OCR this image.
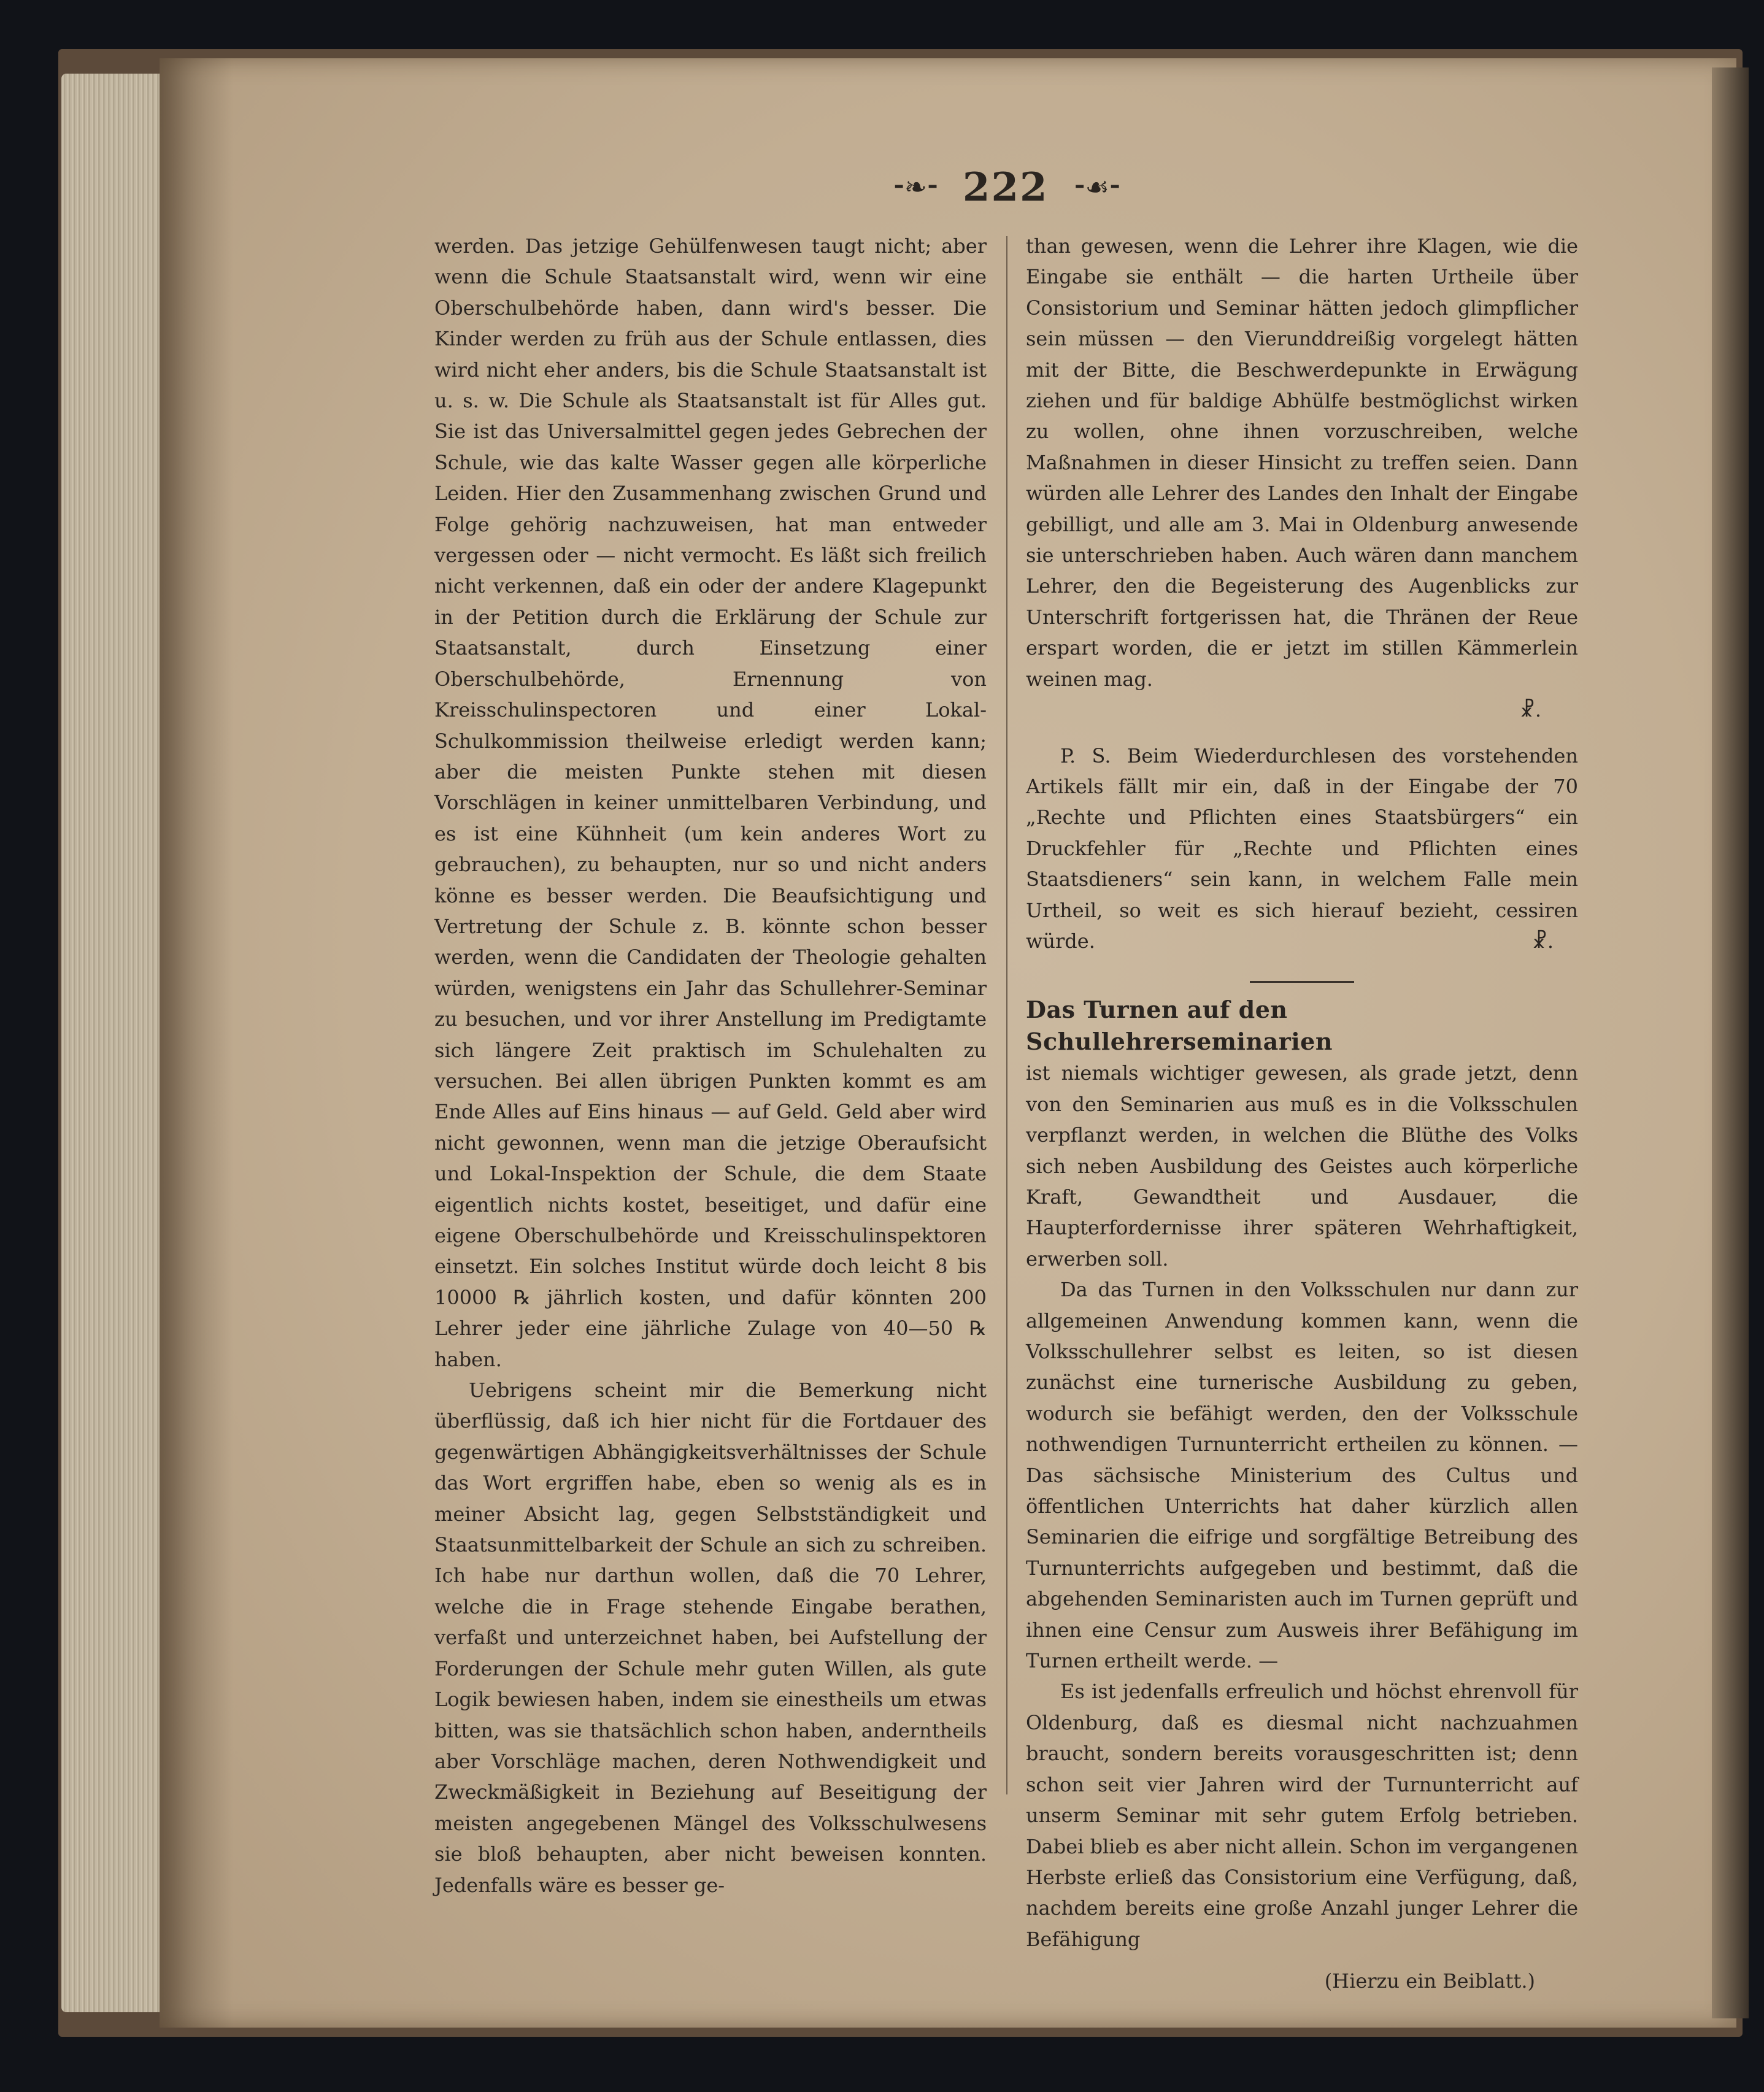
⁃❧⁃ 222 ⁃☙⁃

werden. Das jetzige Gehülfenwesen taugt nicht; aber wenn die Schule Staatsanstalt wird, wenn wir eine Oberschulbehörde haben, dann wird's besser. Die Kinder werden zu früh aus der Schule entlassen, dies wird nicht eher anders, bis die Schule Staatsanstalt ist u. s. w. Die Schule als Staatsanstalt ist für Alles gut. Sie ist das Universalmittel gegen jedes Gebrechen der Schule, wie das kalte Wasser gegen alle körperliche Leiden. Hier den Zusammenhang zwischen Grund und Folge gehörig nachzuweisen, hat man entweder vergessen oder — nicht vermocht. Es läßt sich freilich nicht verkennen, daß ein oder der andere Klagepunkt in der Petition durch die Erklärung der Schule zur Staatsanstalt, durch Einsetzung einer Oberschulbehörde, Ernennung von Kreisschulinspectoren und einer Lokal-Schulkommission theilweise erledigt werden kann; aber die meisten Punkte stehen mit diesen Vorschlägen in keiner unmittelbaren Verbindung, und es ist eine Kühnheit (um kein anderes Wort zu gebrauchen), zu behaupten, nur so und nicht anders könne es besser werden. Die Beaufsichtigung und Vertretung der Schule z. B. könnte schon besser werden, wenn die Candidaten der Theologie gehalten würden, wenigstens ein Jahr das Schullehrer-Seminar zu besuchen, und vor ihrer Anstellung im Predigtamte sich längere Zeit praktisch im Schulehalten zu versuchen. Bei allen übrigen Punkten kommt es am Ende Alles auf Eins hinaus — auf Geld. Geld aber wird nicht gewonnen, wenn man die jetzige Oberaufsicht und Lokal-Inspektion der Schule, die dem Staate eigentlich nichts kostet, beseitiget, und dafür eine eigene Oberschulbehörde und Kreisschulinspektoren einsetzt. Ein solches Institut würde doch leicht 8 bis 10000 ℞ jährlich kosten, und dafür könnten 200 Lehrer jeder eine jährliche Zulage von 40—50 ℞ haben.

Uebrigens scheint mir die Bemerkung nicht überflüssig, daß ich hier nicht für die Fortdauer des gegenwärtigen Abhängigkeitsverhältnisses der Schule das Wort ergriffen habe, eben so wenig als es in meiner Absicht lag, gegen Selbstständigkeit und Staatsunmittelbarkeit der Schule an sich zu schreiben. Ich habe nur darthun wollen, daß die 70 Lehrer, welche die in Frage stehende Eingabe berathen, verfaßt und unterzeichnet haben, bei Aufstellung der Forderungen der Schule mehr guten Willen, als gute Logik bewiesen haben, indem sie einestheils um etwas bitten, was sie thatsächlich schon haben, anderntheils aber Vorschläge machen, deren Nothwendigkeit und Zweckmäßigkeit in Beziehung auf Beseitigung der meisten angegebenen Mängel des Volksschulwesens sie bloß behaupten, aber nicht beweisen konnten. Jedenfalls wäre es besser ge-

than gewesen, wenn die Lehrer ihre Klagen, wie die Eingabe sie enthält — die harten Urtheile über Consistorium und Seminar hätten jedoch glimpflicher sein müssen — den Vierunddreißig vorgelegt hätten mit der Bitte, die Beschwerdepunkte in Erwägung ziehen und für baldige Abhülfe bestmöglichst wirken zu wollen, ohne ihnen vorzuschreiben, welche Maßnahmen in dieser Hinsicht zu treffen seien. Dann würden alle Lehrer des Landes den Inhalt der Eingabe gebilligt, und alle am 3. Mai in Oldenburg anwesende sie unterschrieben haben. Auch wären dann manchem Lehrer, den die Begeisterung des Augenblicks zur Unterschrift fortgerissen hat, die Thränen der Reue erspart worden, die er jetzt im stillen Kämmerlein weinen mag.

☧.

P. S. Beim Wiederdurchlesen des vorstehenden Artikels fällt mir ein, daß in der Eingabe der 70 „Rechte und Pflichten eines Staatsbürgers“ ein Druckfehler für „Rechte und Pflichten eines Staatsdieners“ sein kann, in welchem Falle mein Urtheil, so weit es sich hierauf bezieht, cessiren würde.	☧.

Das Turnen auf den Schullehrerseminarien

ist niemals wichtiger gewesen, als grade jetzt, denn von den Seminarien aus muß es in die Volksschulen verpflanzt werden, in welchen die Blüthe des Volks sich neben Ausbildung des Geistes auch körperliche Kraft, Gewandtheit und Ausdauer, die Haupterfordernisse ihrer späteren Wehrhaftigkeit, erwerben soll.

Da das Turnen in den Volksschulen nur dann zur allgemeinen Anwendung kommen kann, wenn die Volksschullehrer selbst es leiten, so ist diesen zunächst eine turnerische Ausbildung zu geben, wodurch sie befähigt werden, den der Volksschule nothwendigen Turnunterricht ertheilen zu können. — Das sächsische Ministerium des Cultus und öffentlichen Unterrichts hat daher kürzlich allen Seminarien die eifrige und sorgfältige Betreibung des Turnunterrichts aufgegeben und bestimmt, daß die abgehenden Seminaristen auch im Turnen geprüft und ihnen eine Censur zum Ausweis ihrer Befähigung im Turnen ertheilt werde. —

Es ist jedenfalls erfreulich und höchst ehrenvoll für Oldenburg, daß es diesmal nicht nachzuahmen braucht, sondern bereits vorausgeschritten ist; denn schon seit vier Jahren wird der Turnunterricht auf unserm Seminar mit sehr gutem Erfolg betrieben. Dabei blieb es aber nicht allein. Schon im vergangenen Herbste erließ das Consistorium eine Verfügung, daß, nachdem bereits eine große Anzahl junger Lehrer die Befähigung

(Hierzu ein Beiblatt.)
